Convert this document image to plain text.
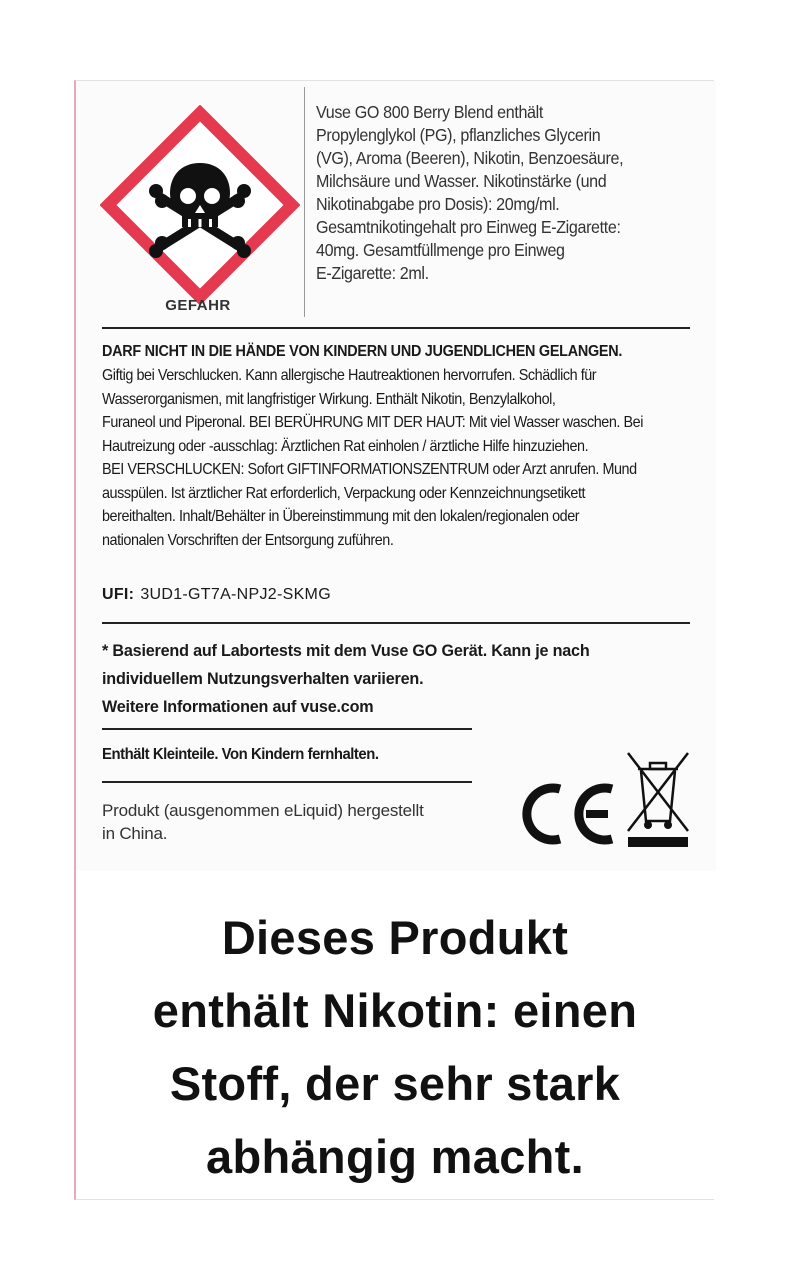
GEFAHR
Vuse GO 800 Berry Blend enthält
Propylenglykol (PG), pflanzliches Glycerin
(VG), Aroma (Beeren), Nikotin, Benzoesäure,
Milchsäure und Wasser. Nikotinstärke (und
Nikotinabgabe pro Dosis): 20mg/ml.
Gesamtnikotingehalt pro Einweg E-Zigarette:
40mg. Gesamtfüllmenge pro Einweg
E-Zigarette: 2ml.
DARF NICHT IN DIE HÄNDE VON KINDERN UND JUGENDLICHEN GELANGEN.
Giftig bei Verschlucken. Kann allergische Hautreaktionen hervorrufen. Schädlich für
Wasserorganismen, mit langfristiger Wirkung. Enthält Nikotin, Benzylalkohol,
Furaneol und Piperonal. BEI BERÜHRUNG MIT DER HAUT: Mit viel Wasser waschen. Bei
Hautreizung oder -ausschlag: Ärztlichen Rat einholen / ärztliche Hilfe hinzuziehen.
BEI VERSCHLUCKEN: Sofort GIFTINFORMATIONSZENTRUM oder Arzt anrufen. Mund
ausspülen. Ist ärztlicher Rat erforderlich, Verpackung oder Kennzeichnungsetikett
bereithalten. Inhalt/Behälter in Übereinstimmung mit den lokalen/regionalen oder
nationalen Vorschriften der Entsorgung zuführen.
UFI: 3UD1-GT7A-NPJ2-SKMG
* Basierend auf Labortests mit dem Vuse GO Gerät. Kann je nach
individuellem Nutzungsverhalten variieren.
Weitere Informationen auf vuse.com
Enthält Kleinteile. Von Kindern fernhalten.
Produkt (ausgenommen eLiquid) hergestellt
in China.
Dieses Produkt
enthält Nikotin: einen
Stoff, der sehr stark
abhängig macht.
